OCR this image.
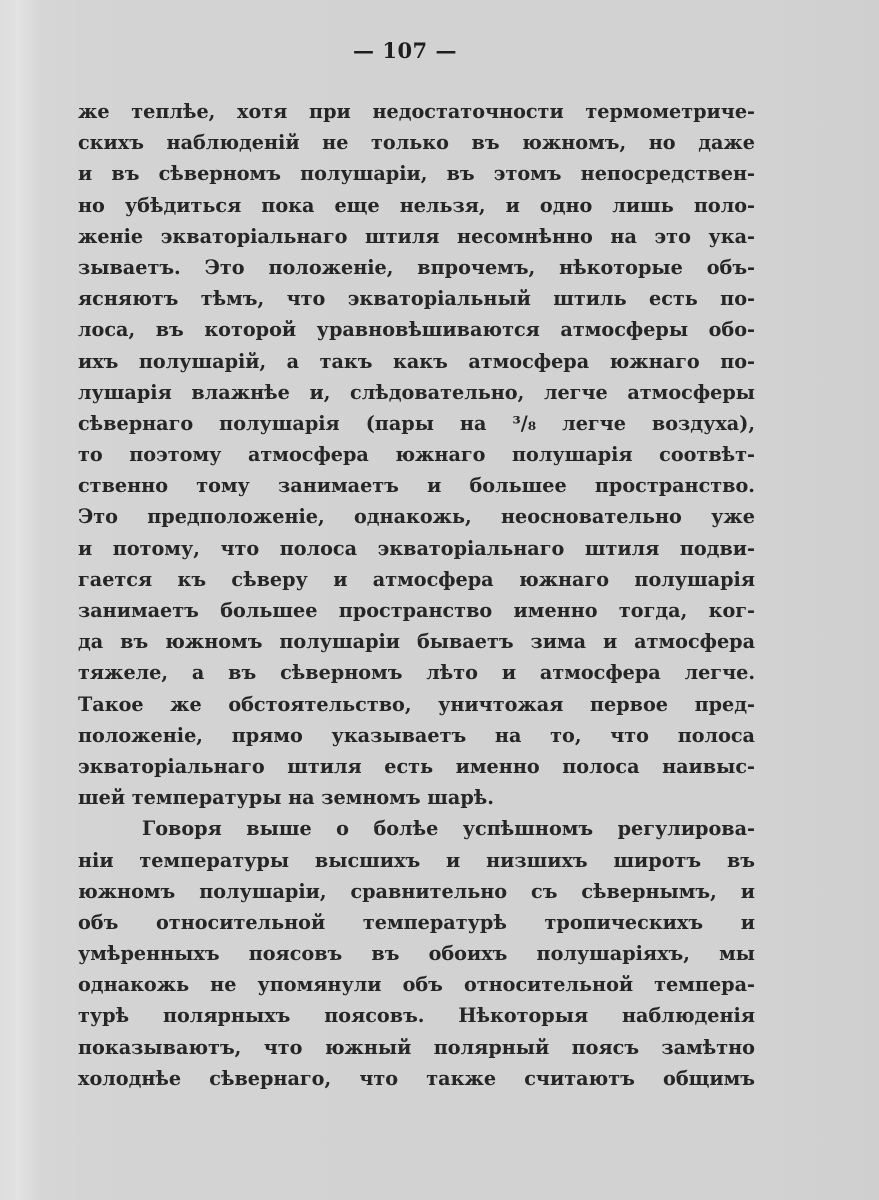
— 107 —
же теплѣе, хотя при недостаточности термометриче-
скихъ наблюденій не только въ южномъ, но даже
и въ сѣверномъ полушаріи, въ этомъ непосредствен-
но убѣдиться пока еще нельзя, и одно лишь поло-
женіе экваторіальнаго штиля несомнѣнно на это ука-
зываетъ. Это положеніе, впрочемъ, нѣкоторые объ-
ясняютъ тѣмъ, что экваторіальный штиль есть по-
лоса, въ которой уравновѣшиваются атмосферы обо-
ихъ полушарій, а такъ какъ атмосфера южнаго по-
лушарія влажнѣе и, слѣдовательно, легче атмосферы
сѣвернаго полушарія (пары на ³/₈ легче воздуха),
то поэтому атмосфера южнаго полушарія соотвѣт-
ственно тому занимаетъ и большее пространство.
Это предположеніе, однакожь, неосновательно уже
и потому, что полоса экваторіальнаго штиля подви-
гается къ сѣверу и атмосфера южнаго полушарія
занимаетъ большее пространство именно тогда, ког-
да въ южномъ полушаріи бываетъ зима и атмосфера
тяжеле, а въ сѣверномъ лѣто и атмосфера легче.
Такое же обстоятельство, уничтожая первое пред-
положеніе, прямо указываетъ на то, что полоса
экваторіальнаго штиля есть именно полоса наивыс-
шей температуры на земномъ шарѣ.
Говоря выше о болѣе успѣшномъ регулирова-
ніи температуры высшихъ и низшихъ широтъ въ
южномъ полушаріи, сравнительно съ сѣвернымъ, и
объ относительной температурѣ тропическихъ и
умѣренныхъ поясовъ въ обоихъ полушаріяхъ, мы
однакожь не упомянули объ относительной темпера-
турѣ полярныхъ поясовъ. Нѣкоторыя наблюденія
показываютъ, что южный полярный поясъ замѣтно
холоднѣе сѣвернаго, что также считаютъ общимъ
